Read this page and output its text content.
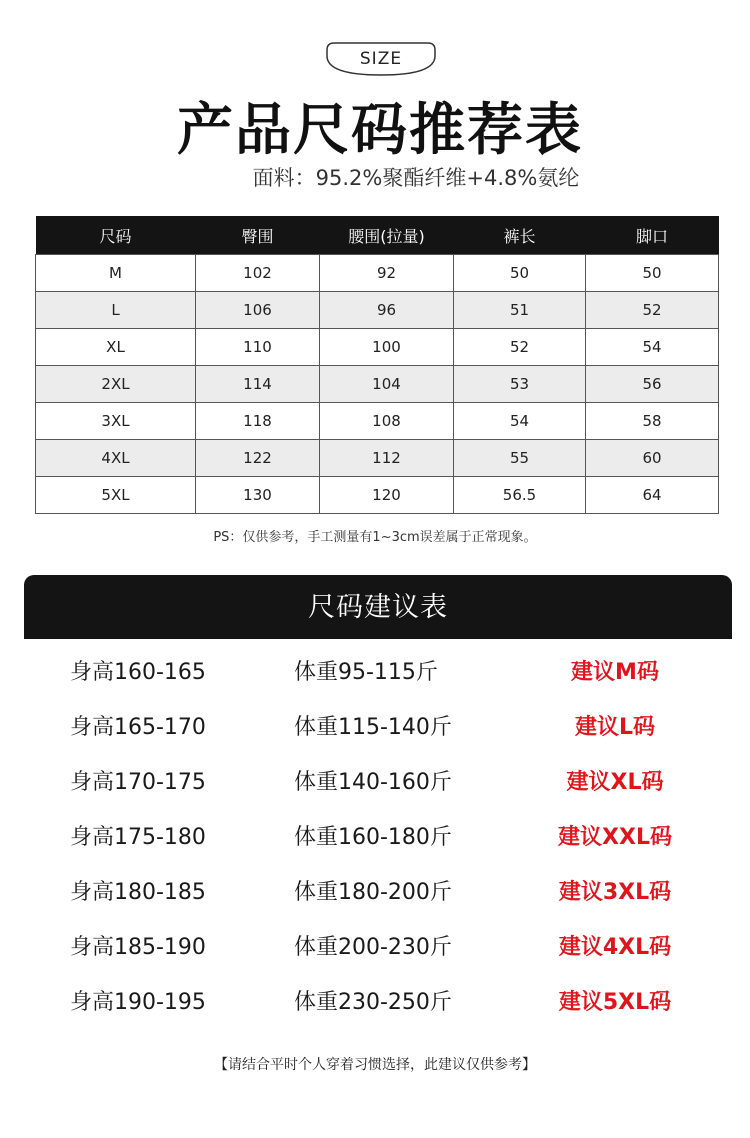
SIZE
产品尺码推荐表
面料：95.2%聚酯纤维+4.8%氨纶
尺码	臀围	腰围(拉量)	裤长	脚口
M	102	92	50	50
L	106	96	51	52
XL	110	100	52	54
2XL	114	104	53	56
3XL	118	108	54	58
4XL	122	112	55	60
5XL	130	120	56.5	64
PS：仅供参考，手工测量有1~3cm误差属于正常现象。
尺码建议表
身高160-165	体重95-115斤	建议M码
身高165-170	体重115-140斤	建议L码
身高170-175	体重140-160斤	建议XL码
身高175-180	体重160-180斤	建议XXL码
身高180-185	体重180-200斤	建议3XL码
身高185-190	体重200-230斤	建议4XL码
身高190-195	体重230-250斤	建议5XL码
【请结合平时个人穿着习惯选择，此建议仅供参考】
